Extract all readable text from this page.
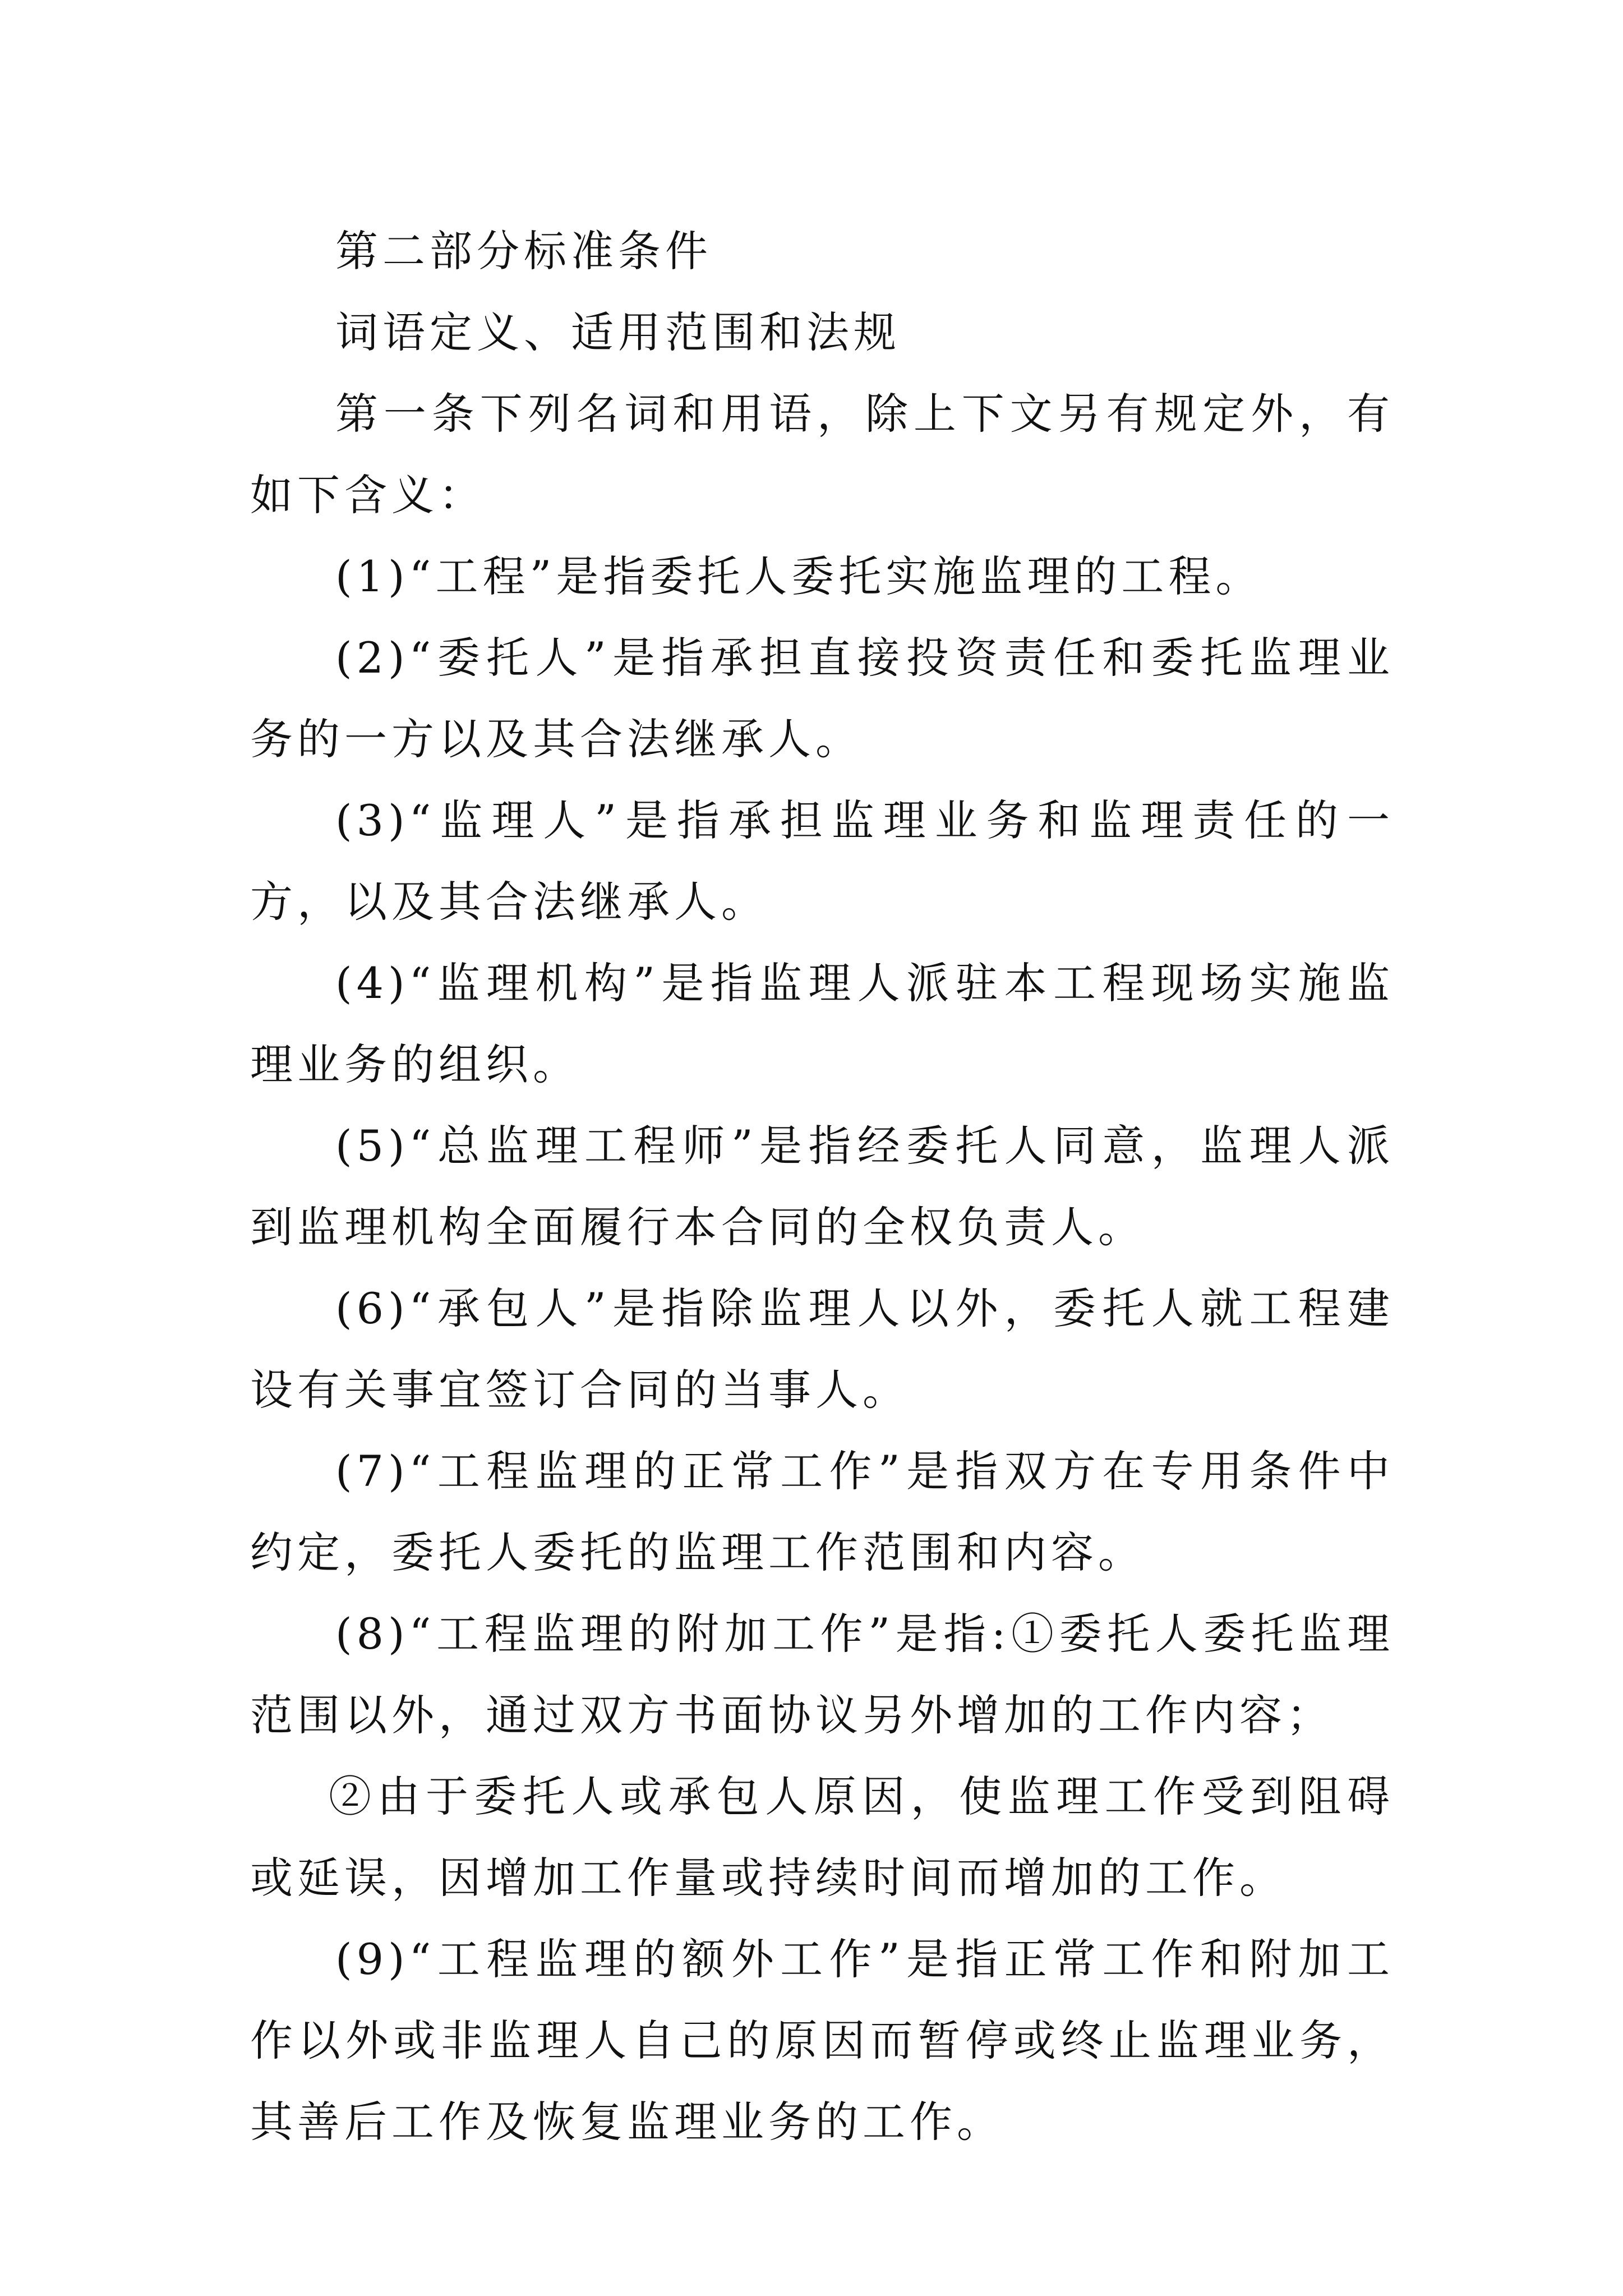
第二部分标准条件

词语定义、适用范围和法规

第一条下列名词和用语，除上下文另有规定外，有如下含义：

(1)“工程”是指委托人委托实施监理的工程。

(2)“委托人”是指承担直接投资责任和委托监理业务的一方以及其合法继承人。

(3)“监理人”是指承担监理业务和监理责任的一方，以及其合法继承人。

(4)“监理机构”是指监理人派驻本工程现场实施监理业务的组织。

(5)“总监理工程师”是指经委托人同意，监理人派到监理机构全面履行本合同的全权负责人。

(6)“承包人”是指除监理人以外，委托人就工程建设有关事宜签订合同的当事人。

(7)“工程监理的正常工作”是指双方在专用条件中约定，委托人委托的监理工作范围和内容。

(8)“工程监理的附加工作”是指:①委托人委托监理范围以外，通过双方书面协议另外增加的工作内容；

②由于委托人或承包人原因，使监理工作受到阻碍或延误，因增加工作量或持续时间而增加的工作。

(9)“工程监理的额外工作”是指正常工作和附加工作以外或非监理人自己的原因而暂停或终止监理业务，其善后工作及恢复监理业务的工作。
